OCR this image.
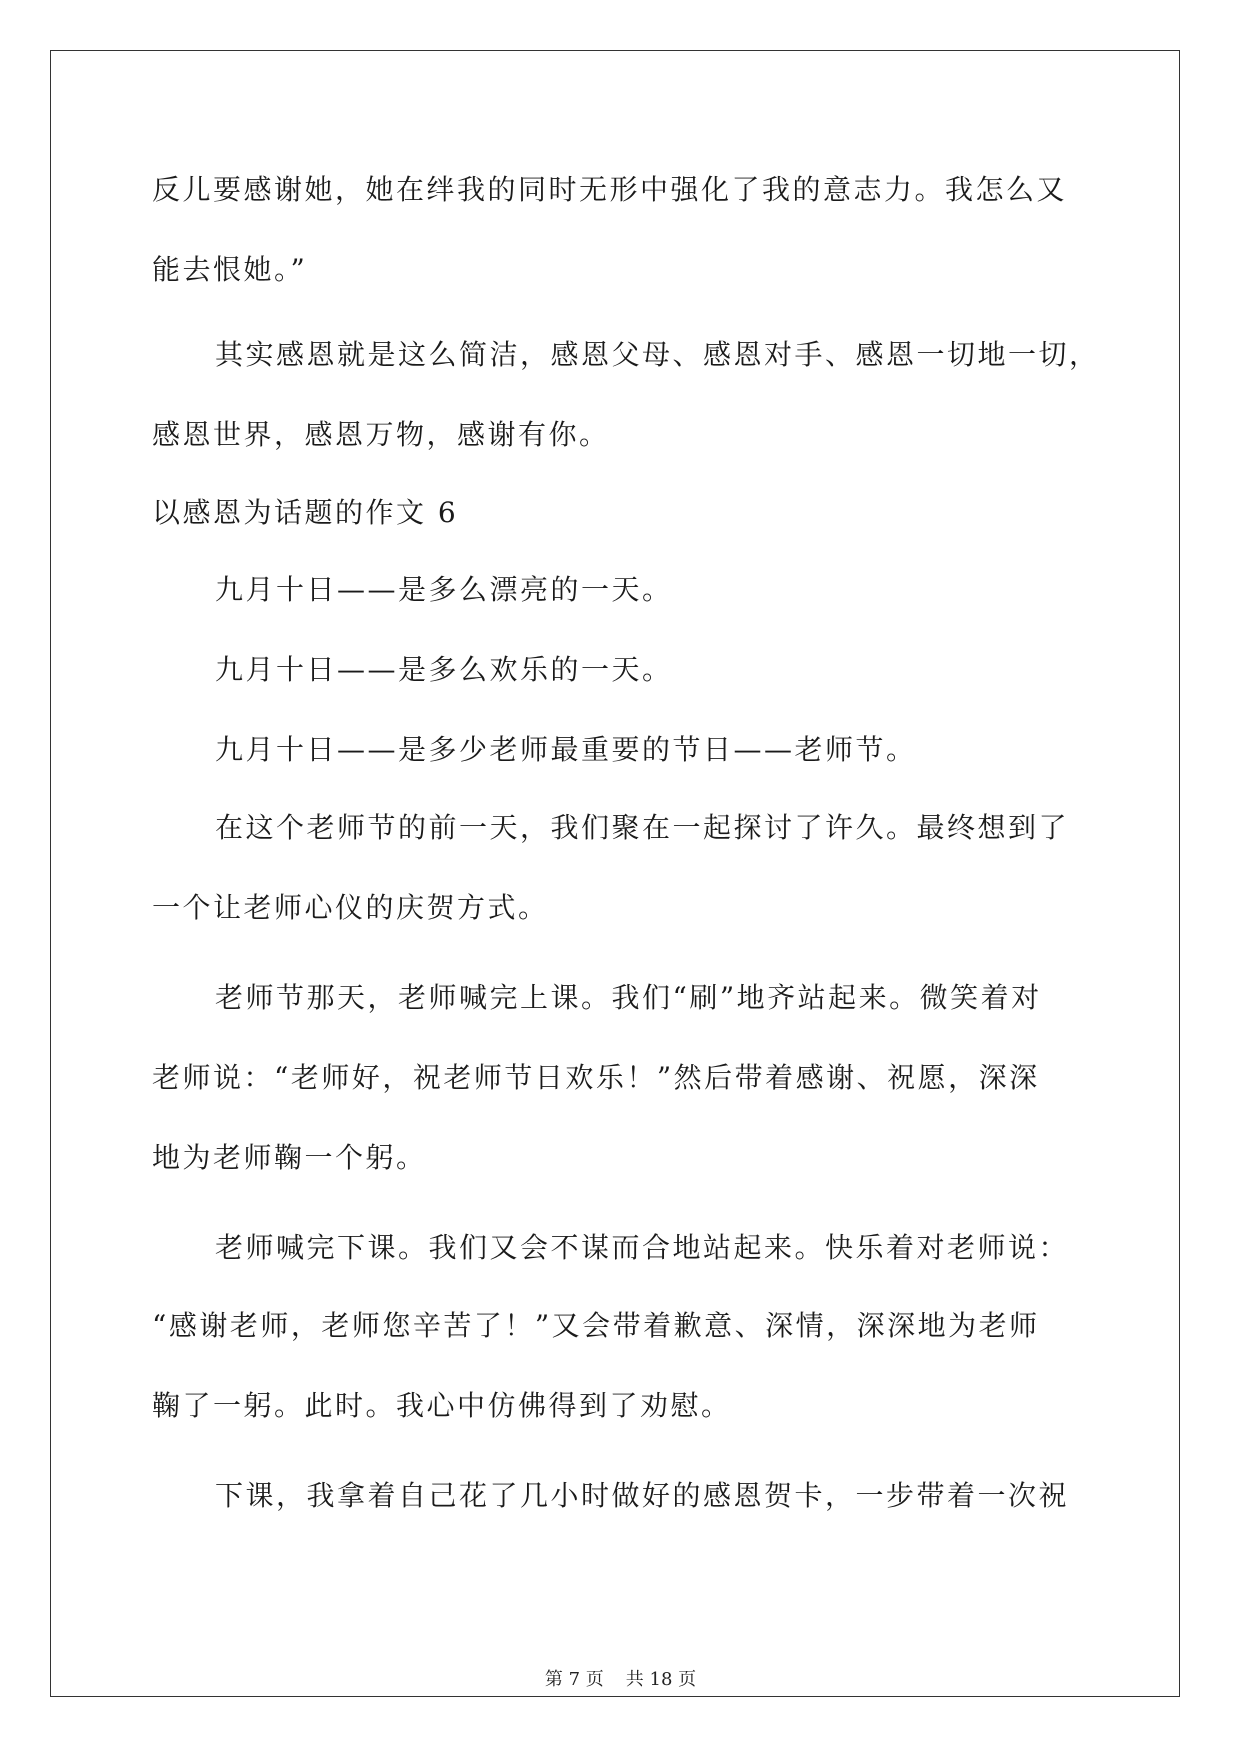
反儿要感谢她，她在绊我的同时无形中强化了我的意志力。我怎么又

能去恨她。”

其实感恩就是这么简洁，感恩父母、感恩对手、感恩一切地一切，

感恩世界，感恩万物，感谢有你。

以感恩为话题的作文 6

九月十日——是多么漂亮的一天。

九月十日——是多么欢乐的一天。

九月十日——是多少老师最重要的节日——老师节。

在这个老师节的前一天，我们聚在一起探讨了许久。最终想到了

一个让老师心仪的庆贺方式。

老师节那天，老师喊完上课。我们“刷”地齐站起来。微笑着对

老师说：“老师好，祝老师节日欢乐！”然后带着感谢、祝愿，深深

地为老师鞠一个躬。

老师喊完下课。我们又会不谋而合地站起来。快乐着对老师说：

“感谢老师，老师您辛苦了！”又会带着歉意、深情，深深地为老师

鞠了一躬。此时。我心中仿佛得到了劝慰。

下课，我拿着自己花了几小时做好的感恩贺卡，一步带着一次祝

第 7 页 共 18 页
